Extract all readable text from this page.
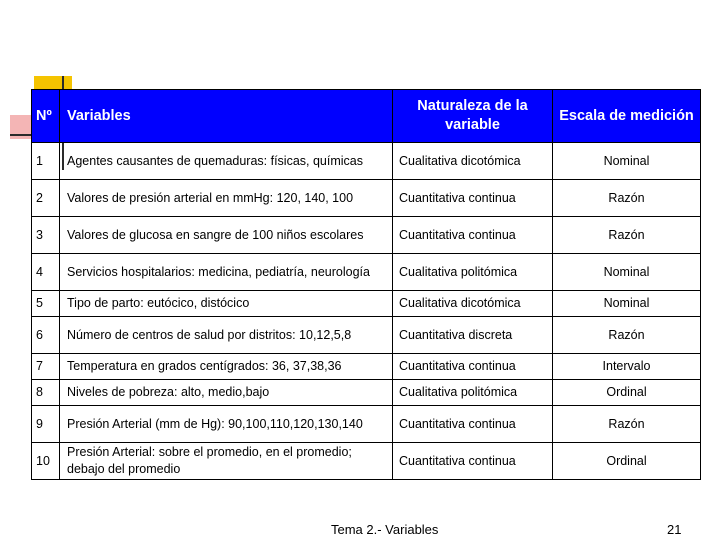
Nº	Variables	Naturaleza de la variable	Escala de medición
1	Agentes causantes de quemaduras: físicas, químicas	Cualitativa dicotómica	Nominal
2	Valores de presión arterial en mmHg: 120, 140, 100	Cuantitativa continua	Razón
3	Valores de glucosa en sangre de 100 niños escolares	Cuantitativa continua	Razón
4	Servicios hospitalarios: medicina, pediatría, neurología	Cualitativa politómica	Nominal
5	Tipo de parto: eutócico, distócico	Cualitativa dicotómica	Nominal
6	Número de centros de salud por distritos: 10,12,5,8	Cuantitativa discreta	Razón
7	Temperatura en grados centígrados: 36, 37,38,36	Cuantitativa continua	Intervalo
8	Niveles de pobreza: alto, medio,bajo	Cualitativa politómica	Ordinal
9	Presión Arterial (mm de Hg): 90,100,110,120,130,140	Cuantitativa continua	Razón
10	Presión Arterial: sobre el promedio, en el promedio; debajo del promedio	Cuantitativa continua	Ordinal
Tema 2.- Variables	21
